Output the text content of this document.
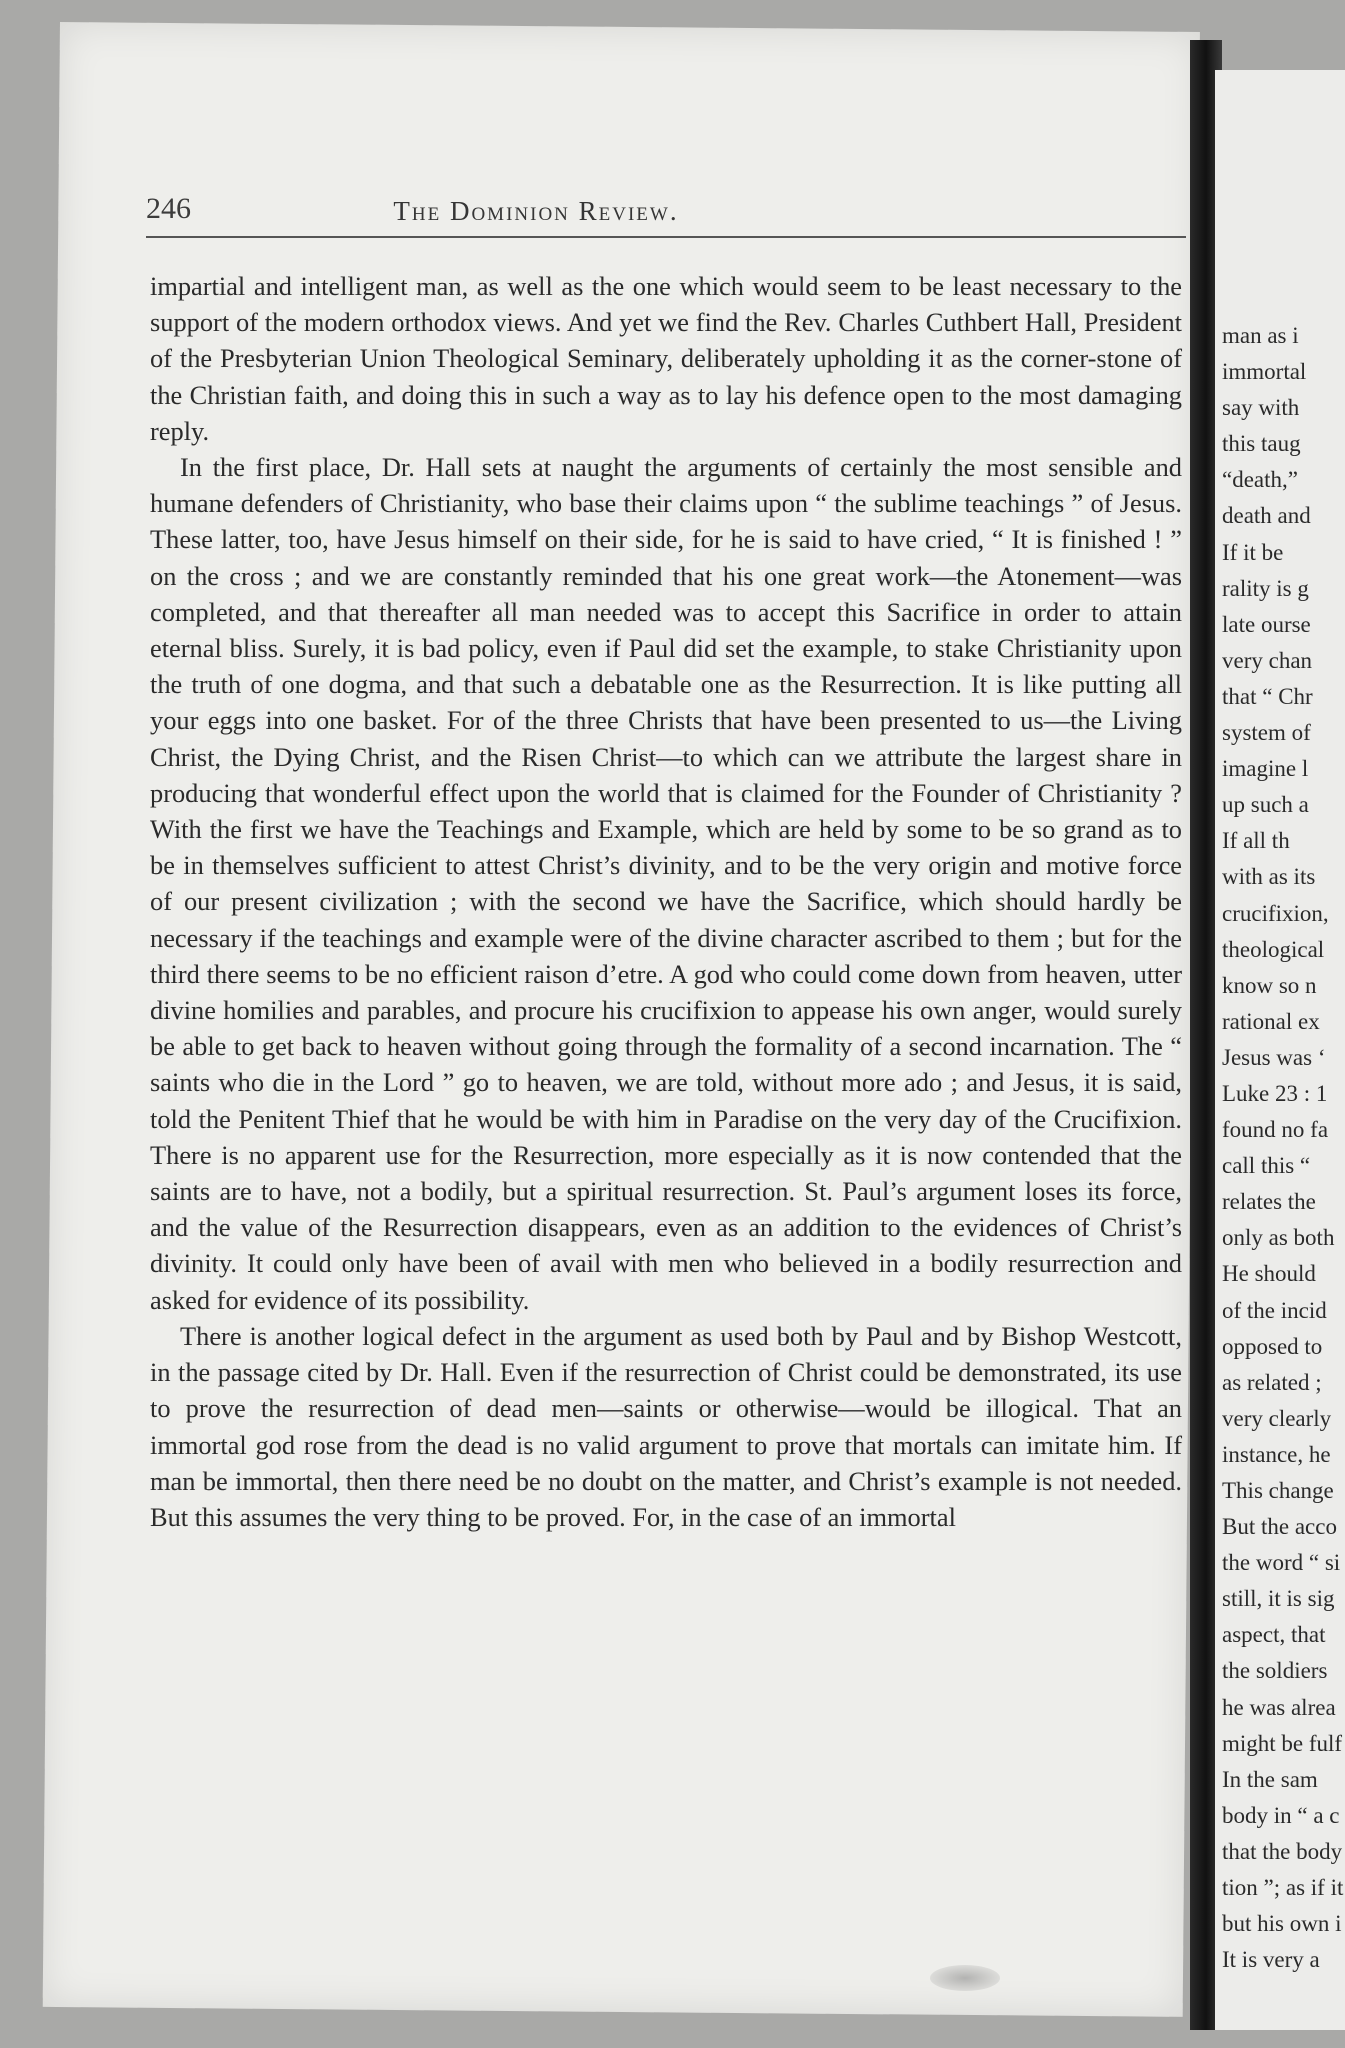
246	The Dominion Review.

impartial and intelligent man, as well as the one which would seem to be least necessary to the support of the modern orthodox views. And yet we find the Rev. Charles Cuthbert Hall, President of the Presbyterian Union Theological Seminary, deliberately upholding it as the corner-stone of the Christian faith, and doing this in such a way as to lay his defence open to the most damaging reply.

In the first place, Dr. Hall sets at naught the arguments of certainly the most sensible and humane defenders of Christianity, who base their claims upon “ the sublime teachings ” of Jesus. These latter, too, have Jesus himself on their side, for he is said to have cried, “ It is finished ! ” on the cross ; and we are constantly reminded that his one great work—the Atonement—was completed, and that thereafter all man needed was to accept this Sacrifice in order to attain eternal bliss. Surely, it is bad policy, even if Paul did set the example, to stake Christianity upon the truth of one dogma, and that such a debatable one as the Resurrection. It is like putting all your eggs into one basket. For of the three Christs that have been presented to us—the Living Christ, the Dying Christ, and the Risen Christ—to which can we attribute the largest share in producing that wonderful effect upon the world that is claimed for the Founder of Christianity ? With the first we have the Teachings and Example, which are held by some to be so grand as to be in themselves sufficient to attest Christ’s divinity, and to be the very origin and motive force of our present civilization ; with the second we have the Sacrifice, which should hardly be necessary if the teachings and example were of the divine character ascribed to them ; but for the third there seems to be no efficient raison d’etre. A god who could come down from heaven, utter divine homilies and parables, and procure his crucifixion to appease his own anger, would surely be able to get back to heaven without going through the formality of a second incarnation. The “ saints who die in the Lord ” go to heaven, we are told, without more ado ; and Jesus, it is said, told the Penitent Thief that he would be with him in Paradise on the very day of the Crucifixion. There is no apparent use for the Resurrection, more especially as it is now contended that the saints are to have, not a bodily, but a spiritual resurrection. St. Paul’s argument loses its force, and the value of the Resurrection disappears, even as an addition to the evidences of Christ’s divinity. It could only have been of avail with men who believed in a bodily resurrection and asked for evidence of its possibility.

There is another logical defect in the argument as used both by Paul and by Bishop Westcott, in the passage cited by Dr. Hall. Even if the resurrection of Christ could be demonstrated, its use to prove the resurrection of dead men—saints or otherwise—would be illogical. That an immortal god rose from the dead is no valid argument to prove that mortals can imitate him. If man be immortal, then there need be no doubt on the matter, and Christ’s example is not needed. But this assumes the very thing to be proved. For, in the case of an immortal

man as i
immortal
say with
this taug
“death,”
death and
If it be
rality is g
late ourse
very chan
that “ Chr
system of
imagine l
up such a
If all th
with as its
crucifixion,
theological
know so n
rational ex
Jesus was ‘
Luke 23 : 1
found no fa
call this “
relates the
only as both
He should
of the incid
opposed to
as related ;
very clearly
instance, he
This change
But the acco
the word “ si
still, it is sig
aspect, that
the soldiers
he was alrea
might be fulf
In the sam
body in “ a c
that the body
tion ”; as if it
but his own i
It is very a
